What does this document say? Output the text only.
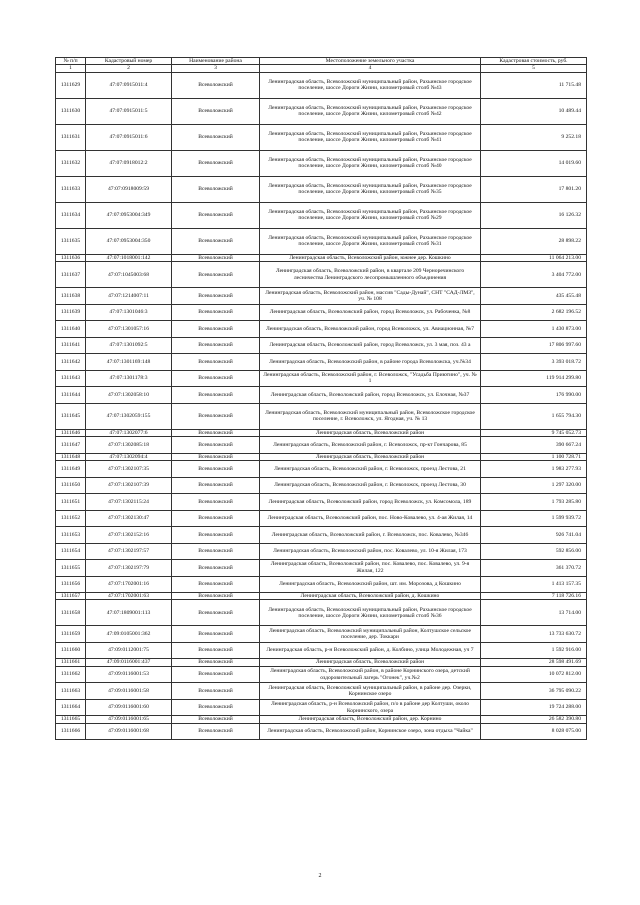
№ п/п	Кадастровый номер	Наименование района	Местоположение земельного участка	Кадастровая стоимость, руб.
1	2	3	4	5
1311629	47:07:0915011:4	Всеволожский	Ленинградская область, Всеволожский муниципальный район, Рахьинское городское поселение, шоссе Дороги Жизни, километровый столб №43	11 715.48
1311630	47:07:0915011:5	Всеволожский	Ленинградская область, Всеволожский муниципальный район, Рахьинское городское поселение, шоссе Дороги Жизни, километровый столб №42	10 489.44
1311631	47:07:0915011:6	Всеволожский	Ленинградская область, Всеволожский муниципальный район, Рахьинское городское поселение, шоссе Дороги Жизни, километровый столб №41	9 252.18
1311632	47:07:0918012:2	Всеволожский	Ленинградская область, Всеволожский муниципальный район, Рахьинское городское поселение, шоссе Дороги Жизни, километровый столб №40	14 019.60
1311633	47:07:0918009:59	Всеволожский	Ленинградская область, Всеволожский муниципальный район, Рахьинское городское поселение, шоссе Дороги Жизни, километровый столб №35	17 801.20
1311634	47:07:0953004:349	Всеволожский	Ленинградская область, Всеволожский муниципальный район, Рахьинское городское поселение, шоссе Дороги Жизни, километровый столб №29	16 126.32
1311635	47:07:0953004:350	Всеволожский	Ленинградская область, Всеволожский муниципальный район, Рахьинское городское поселение, шоссе Дороги Жизни, километровый столб №31	28 898.22
1311636	47:07:1018001:142	Всеволожский	Ленинградская область, Всеволожский район, южнее дер. Кошкино	11 064 213.00
1311637	47:07:1045003:68	Всеволожский	Ленинградская область, Всеволожский район, в квартале 209 Черноречинского лесничества Ленинградского лесопромышленного объединения	3 404 772.00
1311638	47:07:1214007:11	Всеволожский	Ленинградская область, Всеволожский район, массив "Сады-Дунай", СНТ "САД-ЛМЗ", уч. № 108	435 455.48
1311639	47:07:1301046:3	Всеволожский	Ленинградская область, Всеволожский район, город Всеволожск, ул. Рабоченка, №8	2 682 196.52
1311640	47:07:1301057:16	Всеволожский	Ленинградская область, Всеволожский район, город Всеволожск, ул. Авиационная, №7	1 430 873.00
1311641	47:07:1301092:5	Всеволожский	Ленинградская область, Всеволожский район, город Всеволожск, ул. 3 мая, поз. 43 а	17 806 997.60
1311642	47:07:1301169:148	Всеволожский	Ленинградская область, Всеволожский район, в районе города Всеволожска, уч.№34	3 393 018.72
1311643	47:07:1301178:3	Всеволожский	Ленинградская область, Всеволожский район, г. Всеволожск, "Усадьба Приютино", уч. № 1	119 914 299.80
1311644	47:07:1302058:10	Всеволожский	Ленинградская область, Всеволожский район, город Всеволожск, ул. Елочная, №37	176 990.00
1311645	47:07:1302059:155	Всеволожский	Ленинградская область, Всеволожский муниципальный район, Всеволожское городское поселение, г. Всеволожск, ул. Ягодная, уч. № 13	1 655 794.30
1311646	47:07:1302077:6	Всеволожский	Ленинградская область, Всеволожский район	9 745 052.73
1311647	47:07:1302085:18	Всеволожский	Ленинградская область, Всеволожский район, г. Всеволожск, пр-кт Гончарова, 85	390 667.24
1311648	47:07:1302094:4	Всеволожский	Ленинградская область, Всеволожский район	1 100 728.71
1311649	47:07:1302107:35	Всеволожский	Ленинградская область, Всеволожский район, г. Всеволожск, проезд Лестова, 21	1 983 277.93
1311650	47:07:1302107:39	Всеволожский	Ленинградская область, Всеволожский район, г. Всеволожск, проезд Лестова, 30	1 297 320.00
1311651	47:07:1302115:24	Всеволожский	Ленинградская область, Всеволожский район, город Всеволожск, ул. Комсомола, 189	1 793 285.80
1311652	47:07:1302130:47	Всеволожский	Ленинградская область, Всеволожский район, пос. Ново-Ковалево, ул. 4-ая Жилая, 14	1 599 939.72
1311653	47:07:1302152:16	Всеволожский	Ленинградская область, Всеволожский район, г. Всеволожск, пос. Ковалево, №346	926 741.04
1311654	47:07:1302197:57	Всеволожский	Ленинградская область, Всеволожский район, пос. Ковалево, ул. 10-я Жилая, 173	592 856.00
1311655	47:07:1302197:79	Всеволожский	Ленинградская область, Всеволожский район, пос. Ковалево, пос. Ковалево, ул. 9-я Жилая, 122	361 370.72
1311656	47:07:1702001:16	Всеволожский	Ленинградская область, Всеволожский район, шт. им. Морозова, д Кошкино	1 413 157.35
1311657	47:07:1702001:63	Всеволожский	Ленинградская область, Всеволожский район, д. Кошкино	7 118 726.16
1311658	47:07:1809001:113	Всеволожский	Ленинградская область, Всеволожский муниципальный район, Рахьинское городское поселение, шоссе Дороги Жизни, километровый столб №36	13 714.00
1311659	47:09:0105001:362	Всеволожский	Ленинградская область, Всеволожский муниципальный район, Колтушское сельское поселение, дер. Токкари	13 733 630.72
1311660	47:09:0112001:75	Всеволожский	Ленинградская область, р-н Всеволожский район, д. Колбино, улица Молодежная, уч 7	1 592 916.00
1311661	47:09:0116001:437	Всеволожский	Ленинградская область, Всеволожский район	28 598 491.69
1311662	47:09:0116001:53	Всеволожский	Ленинградская область, Всеволожский район, в районе Корнинского озера, детский оздоровительный лагерь "Огонек", уч.№2	10 072 812.00
1311663	47:09:0116001:58	Всеволожский	Ленинградская область, Всеволожский муниципальный район, в районе дер. Озерки, Корнинское озеро	36 795 090.22
1311664	47:09:0116001:60	Всеволожский	Ленинградская область, р-н Всеволожский район, п/о в районе дер Колтуши, около Корнинского, озера	19 724 288.00
1311665	47:09:0116001:65	Всеволожский	Ленинградская область, Всеволожский район, дер. Корнино	26 582 390.80
1311666	47:09:0116001:68	Всеволожский	Ленинградская область, Всеволожский район, Корнинское озеро, зона отдыха "Чайка"	8 028 075.00
2
